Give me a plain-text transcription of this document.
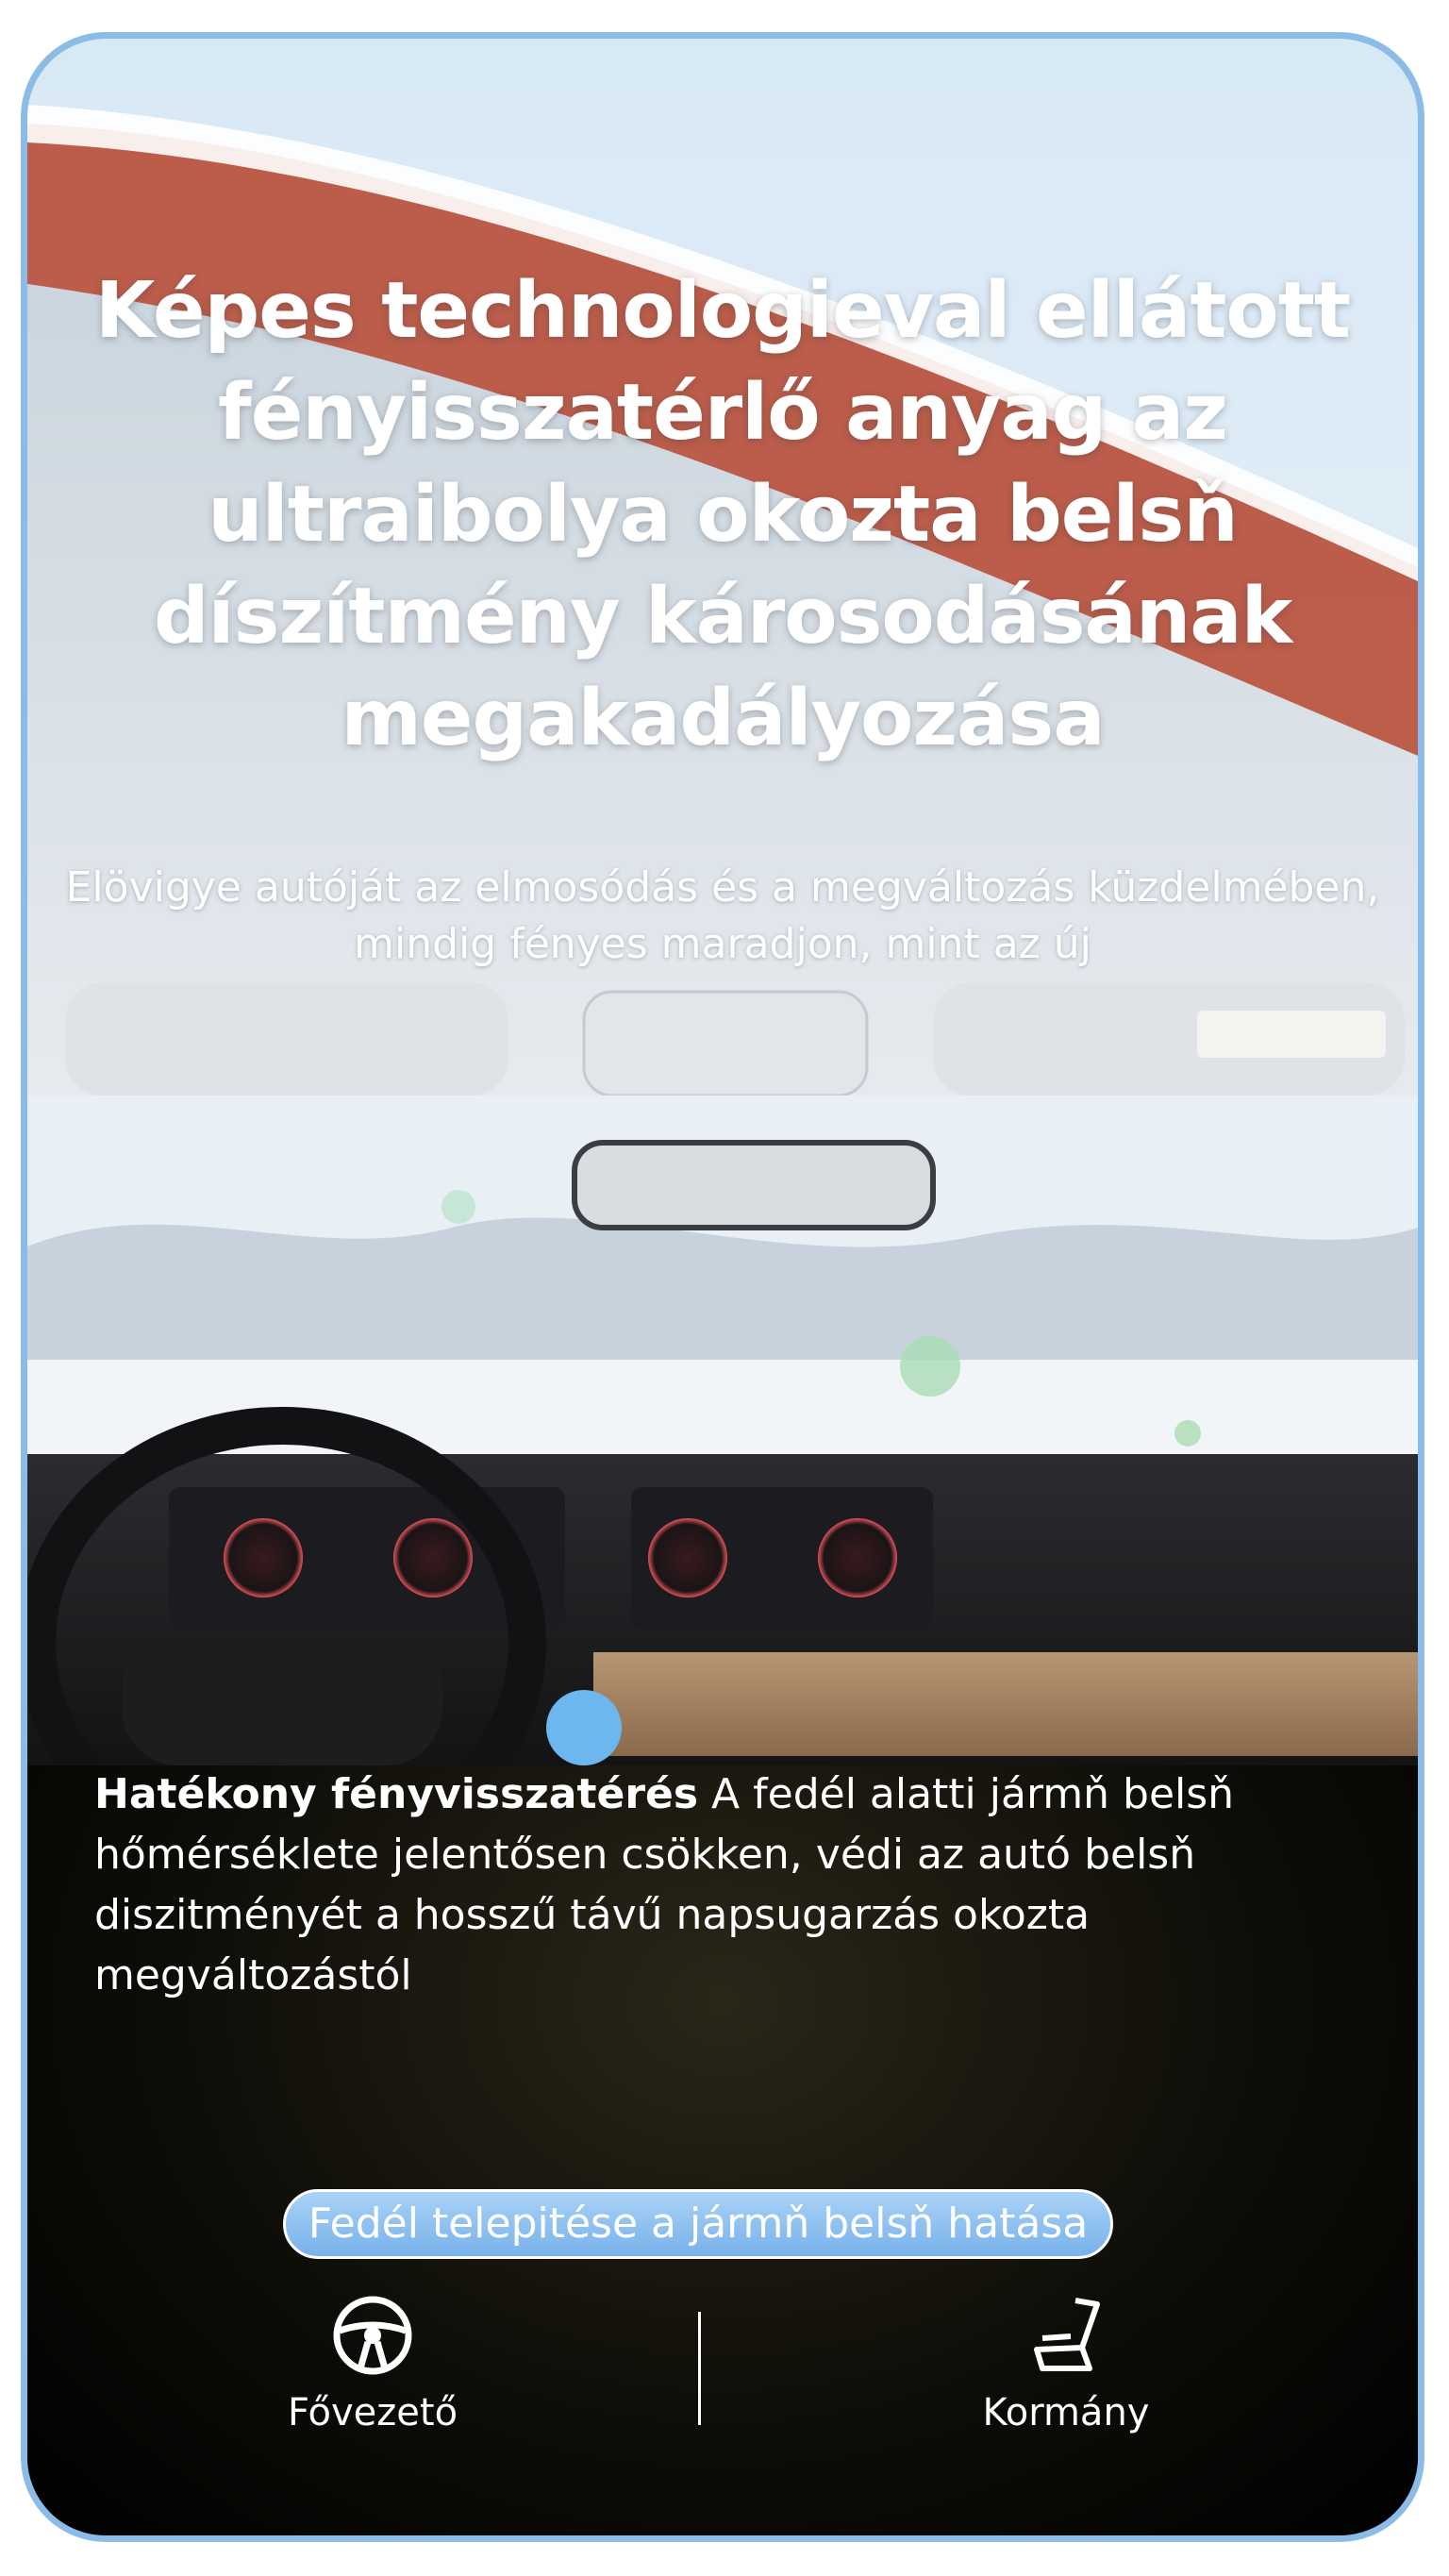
Képes technologieval ellátott fényisszatérlő anyag az ultraibolya okozta belsň díszítmény károsodásának megakadályozása
Elövigye autóját az elmosódás és a megváltozás küzdelmében, mindig fényes maradjon, mint az új
Hatékony fényvisszatérés A fedél alatti jármň belsň hőmérséklete jelentősen csökken, védi az autó belsň diszitményét a hosszű távű napsugarzás okozta megváltozástól
Fedél telepitése a jármň belsň hatása
Fővezető	Kormány
